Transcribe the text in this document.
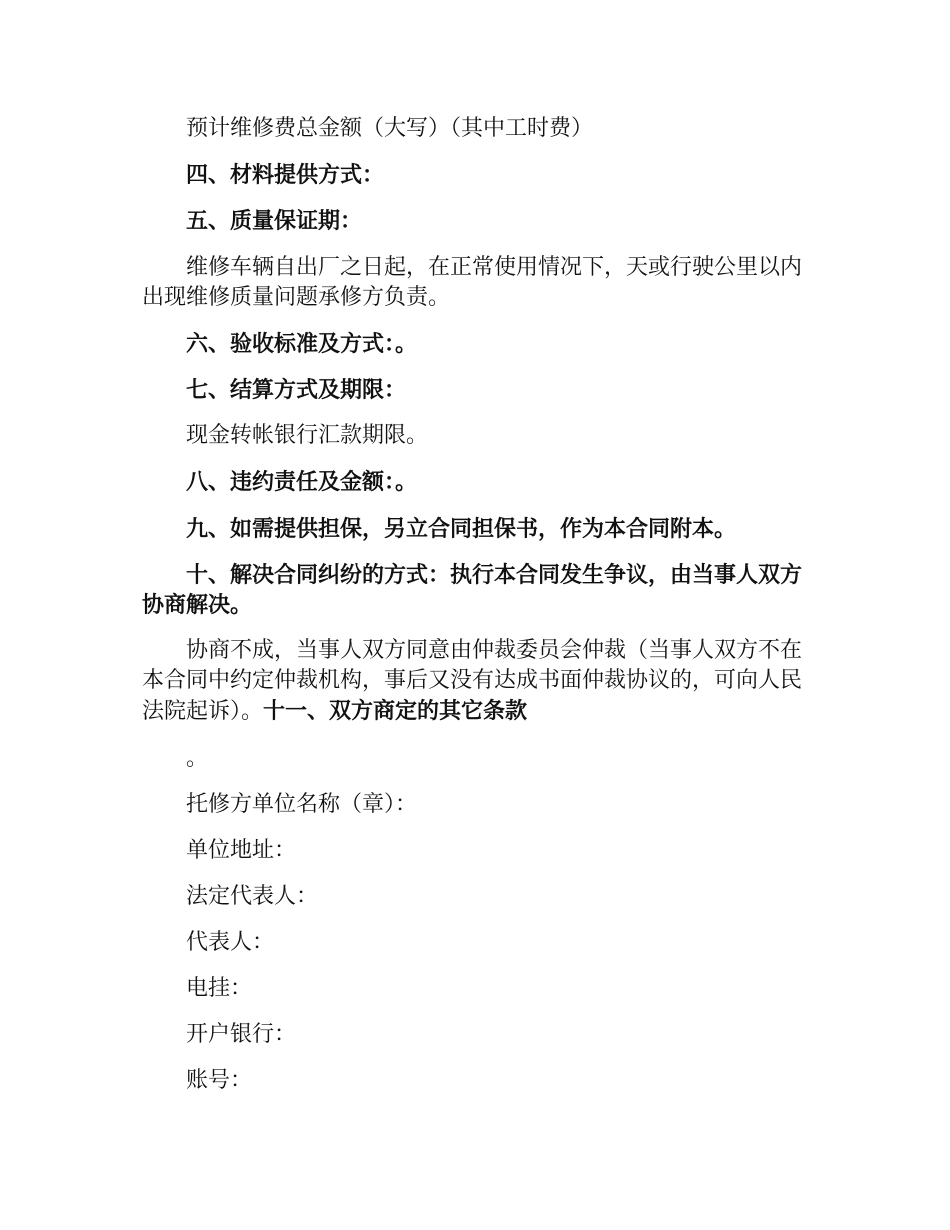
预计维修费总金额（大写）（其中工时费）

四、材料提供方式：

五、质量保证期：

维修车辆自出厂之日起，在正常使用情况下，天或行驶公里以内出现维修质量问题承修方负责。

六、验收标准及方式：。

七、结算方式及期限：

现金转帐银行汇款期限。

八、违约责任及金额：。

九、如需提供担保，另立合同担保书，作为本合同附本。

十、解决合同纠纷的方式：执行本合同发生争议，由当事人双方协商解决。

协商不成，当事人双方同意由仲裁委员会仲裁（当事人双方不在本合同中约定仲裁机构，事后又没有达成书面仲裁协议的，可向人民法院起诉）。十一、双方商定的其它条款

。

托修方单位名称（章）：

单位地址：

法定代表人：

代表人：

电挂：

开户银行：

账号：
